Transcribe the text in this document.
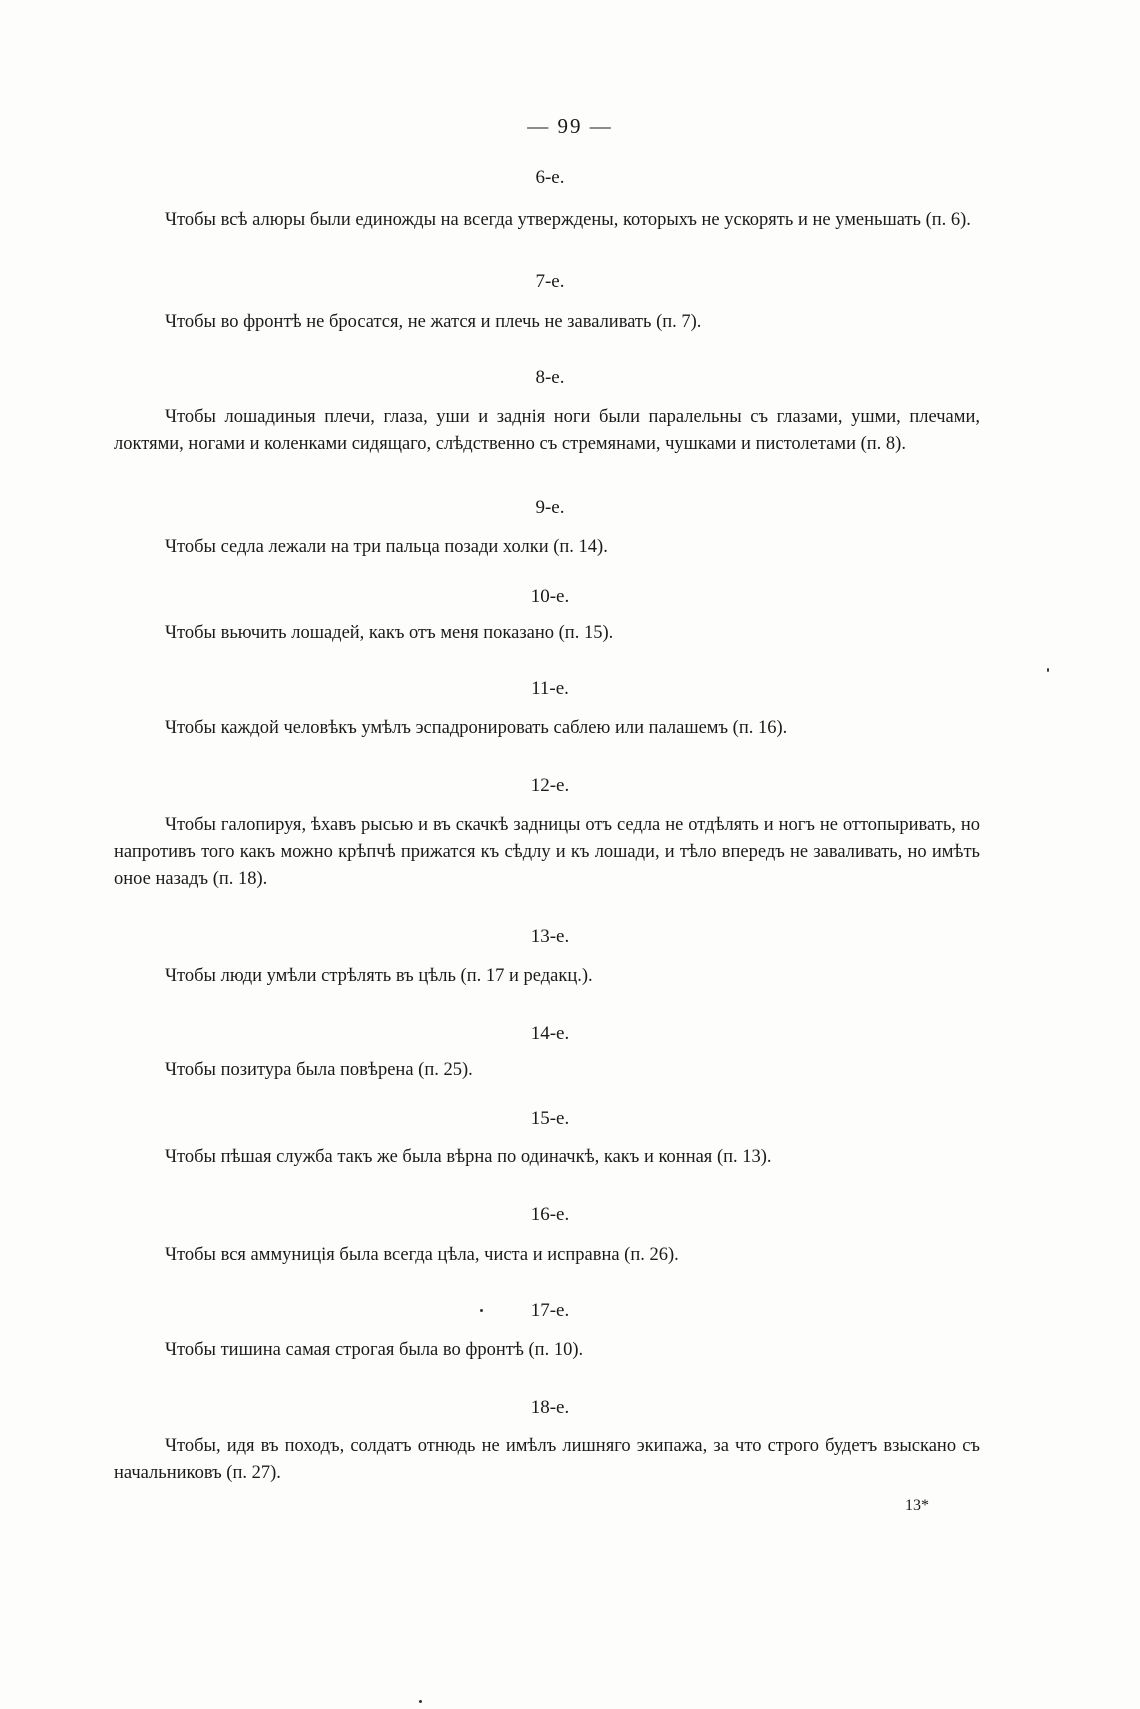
— 99 —
6-е.
Чтобы всѣ алюры были единожды на всегда утверждены, которыхъ не ускорять и не уменьшать (п. 6).
7-е.
Чтобы во фронтѣ не бросатся, не жатся и плечь не заваливать (п. 7).
8-е.
Чтобы лошадиныя плечи, глаза, уши и заднія ноги были паралельны съ глазами, ушми, плечами, локтями, ногами и коленками сидящаго, слѣдственно съ стремянами, чушками и пистолетами (п. 8).
9-е.
Чтобы седла лежали на три пальца позади холки (п. 14).
10-е.
Чтобы вьючить лошадей, какъ отъ меня показано (п. 15).
11-е.
Чтобы каждой человѣкъ умѣлъ эспадронировать саблею или палашемъ (п. 16).
12-е.
Чтобы галопируя, ѣхавъ рысью и въ скачкѣ задницы отъ седла не отдѣлять и ногъ не оттопыривать, но напротивъ того какъ можно крѣпчѣ прижатся къ сѣдлу и къ лошади, и тѣло впередъ не заваливать, но имѣть оное назадъ (п. 18).
13-е.
Чтобы люди умѣли стрѣлять въ цѣль (п. 17 и редакц.).
14-е.
Чтобы позитура была повѣрена (п. 25).
15-е.
Чтобы пѣшая служба такъ же была вѣрна по одиначкѣ, какъ и конная (п. 13).
16-е.
Чтобы вся аммуниція была всегда цѣла, чиста и исправна (п. 26).
17-е.
Чтобы тишина самая строгая была во фронтѣ (п. 10).
18-е.
Чтобы, идя въ походъ, солдатъ отнюдь не имѣлъ лишняго экипажа, за что строго будетъ взыскано съ начальниковъ (п. 27).
13*
